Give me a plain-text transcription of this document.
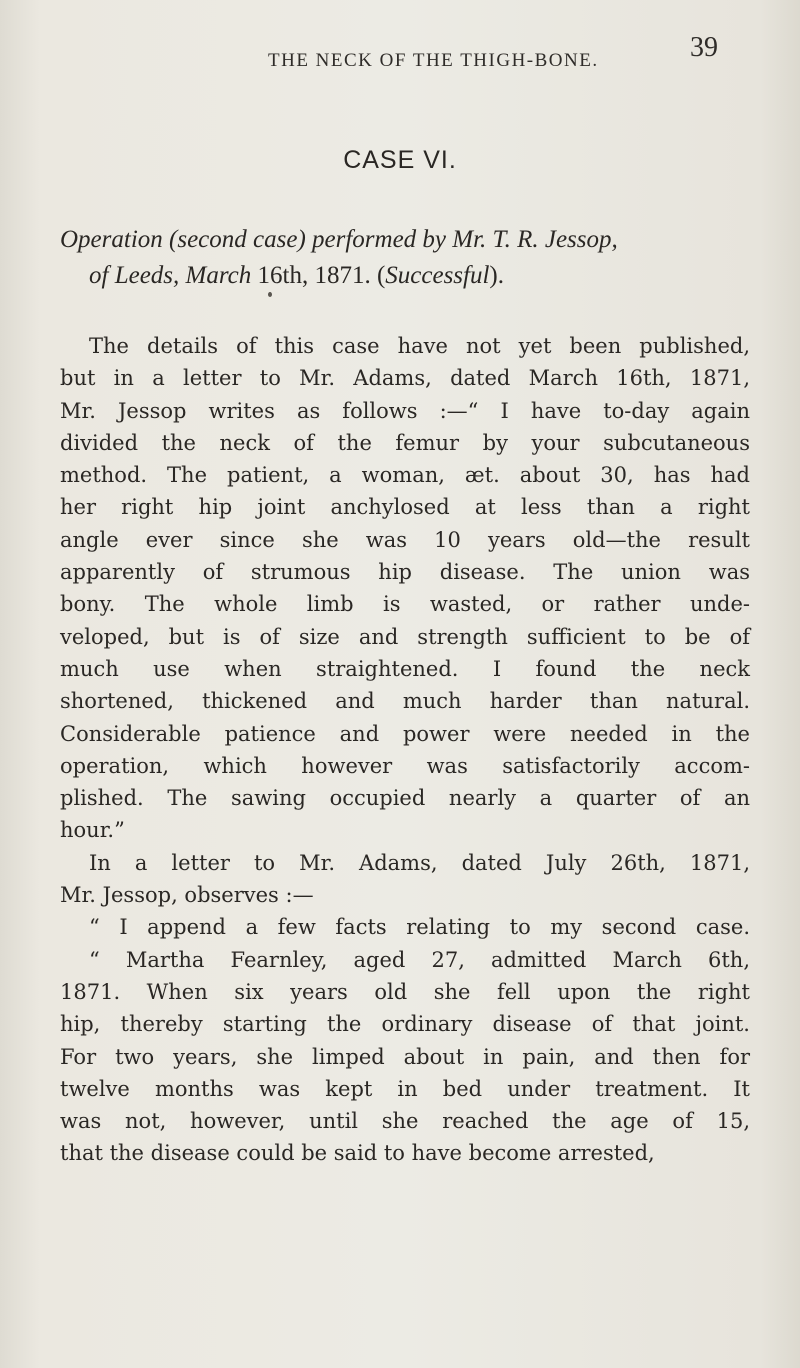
THE NECK OF THE THIGH-BONE.	39
CASE VI.
Operation (second case) performed by Mr. T. R. Jessop,
of Leeds, March 16th, 1871. (Successful).
The details of this case have not yet been published,
but in a letter to Mr. Adams, dated March 16th, 1871,
Mr. Jessop writes as follows :—“ I have to-day again
divided the neck of the femur by your subcutaneous
method. The patient, a woman, æt. about 30, has had
her right hip joint anchylosed at less than a right
angle ever since she was 10 years old—the result
apparently of strumous hip disease. The union was
bony. The whole limb is wasted, or rather unde-
veloped, but is of size and strength sufficient to be of
much use when straightened. I found the neck
shortened, thickened and much harder than natural.
Considerable patience and power were needed in the
operation, which however was satisfactorily accom-
plished. The sawing occupied nearly a quarter of an
hour.”
In a letter to Mr. Adams, dated July 26th, 1871,
Mr. Jessop, observes :—
“ I append a few facts relating to my second case.
“ Martha Fearnley, aged 27, admitted March 6th,
1871. When six years old she fell upon the right
hip, thereby starting the ordinary disease of that joint.
For two years, she limped about in pain, and then for
twelve months was kept in bed under treatment. It
was not, however, until she reached the age of 15,
that the disease could be said to have become arrested,
